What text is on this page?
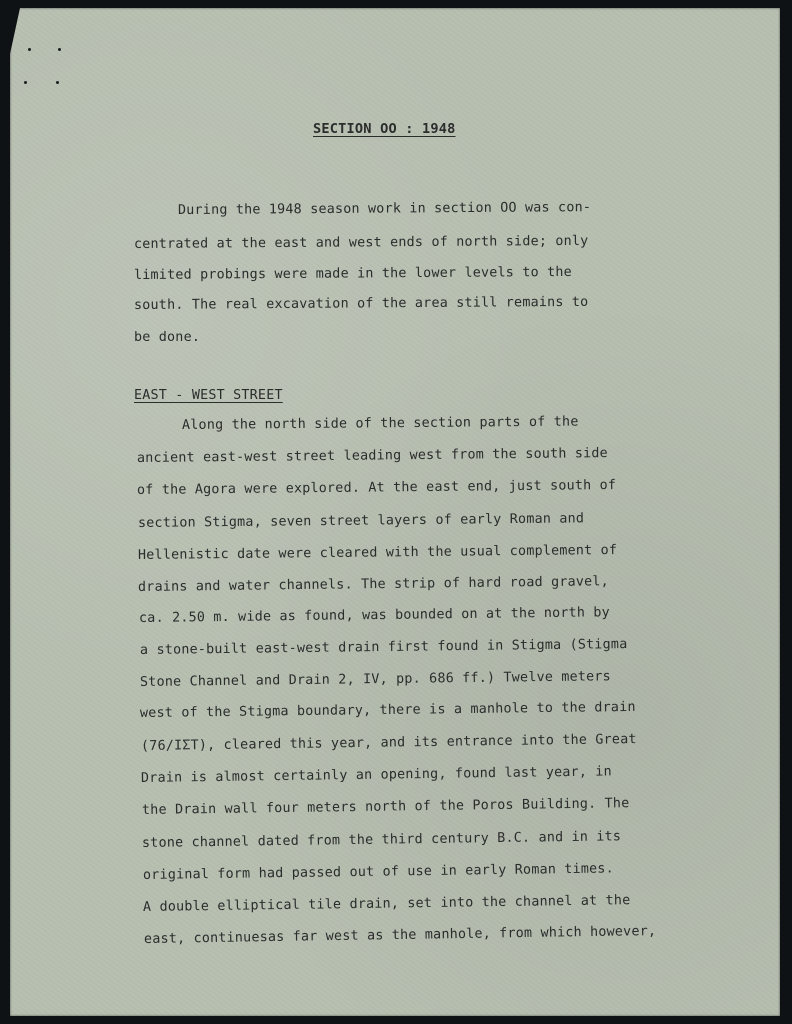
SECTION OO : 1948
During the 1948 season work in section OO was con-
centrated at the east and west ends of north side; only
limited probings were made in the lower levels to the
south. The real excavation of the area still remains to
be done.
EAST - WEST STREET
Along the north side of the section parts of the
ancient east-west street leading west from the south side
of the Agora were explored. At the east end, just south of
section Stigma, seven street layers of early Roman and
Hellenistic date were cleared with the usual complement of
drains and water channels. The strip of hard road gravel,
ca. 2.50 m. wide as found, was bounded on at the north by
a stone-built east-west drain first found in Stigma (Stigma
Stone Channel and Drain 2, IV, pp. 686 ff.) Twelve meters
west of the Stigma boundary, there is a manhole to the drain
(76/IΣT), cleared this year, and its entrance into the Great
Drain is almost certainly an opening, found last year, in
the Drain wall four meters north of the Poros Building. The
stone channel dated from the third century B.C. and in its
original form had passed out of use in early Roman times.
A double elliptical tile drain, set into the channel at the
east, continuesas far west as the manhole, from which however,
